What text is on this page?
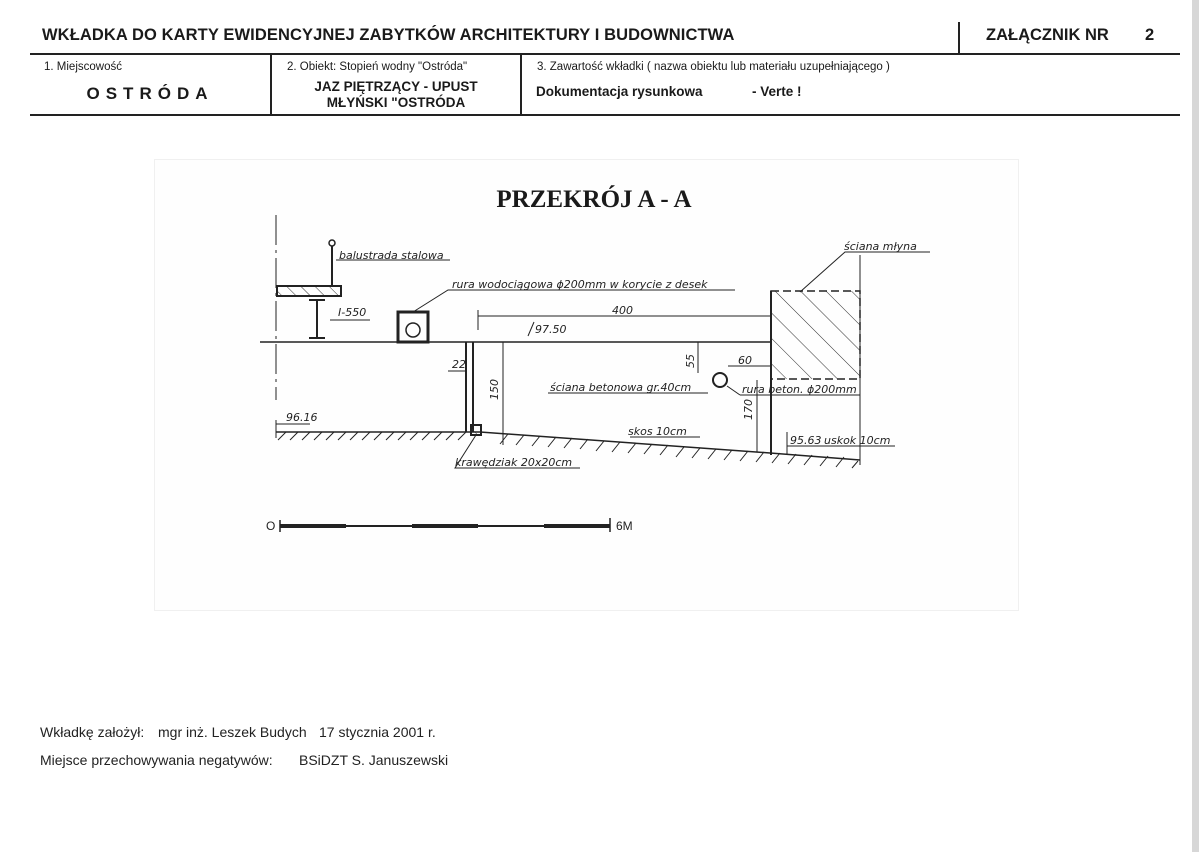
WKŁADKA DO KARTY EWIDENCYJNEJ ZABYTKÓW ARCHITEKTURY I BUDOWNICTWA	ZAŁĄCZNIK NR 2
1. Miejscowość
OSTRÓDA
2. Obiekt: Stopień wodny "Ostróda"
JAZ PIĘTRZĄCY - UPUST
MŁYŃSKI "OSTRÓDA
3. Zawartość wkładki ( nazwa obiektu lub materiału uzupełniającego )
Dokumentacja rysunkowa	- Verte !
PRZEKRÓJ A - A
balustrada stalowa
I-550
rura wodociągowa ϕ200mm w korycie z desek
400
97.50
ściana młyna
22
96.16
krawędziak 20x20cm
150
skos 10cm
ściana betonowa gr.40cm
55	60
rura beton. ϕ200mm
170
95.63 uskok 10cm
O	6M
Wkładkę założył: mgr inż. Leszek Budych 17 stycznia 2001 r.
Miejsce przechowywania negatywów: BSiDZT S. Januszewski
